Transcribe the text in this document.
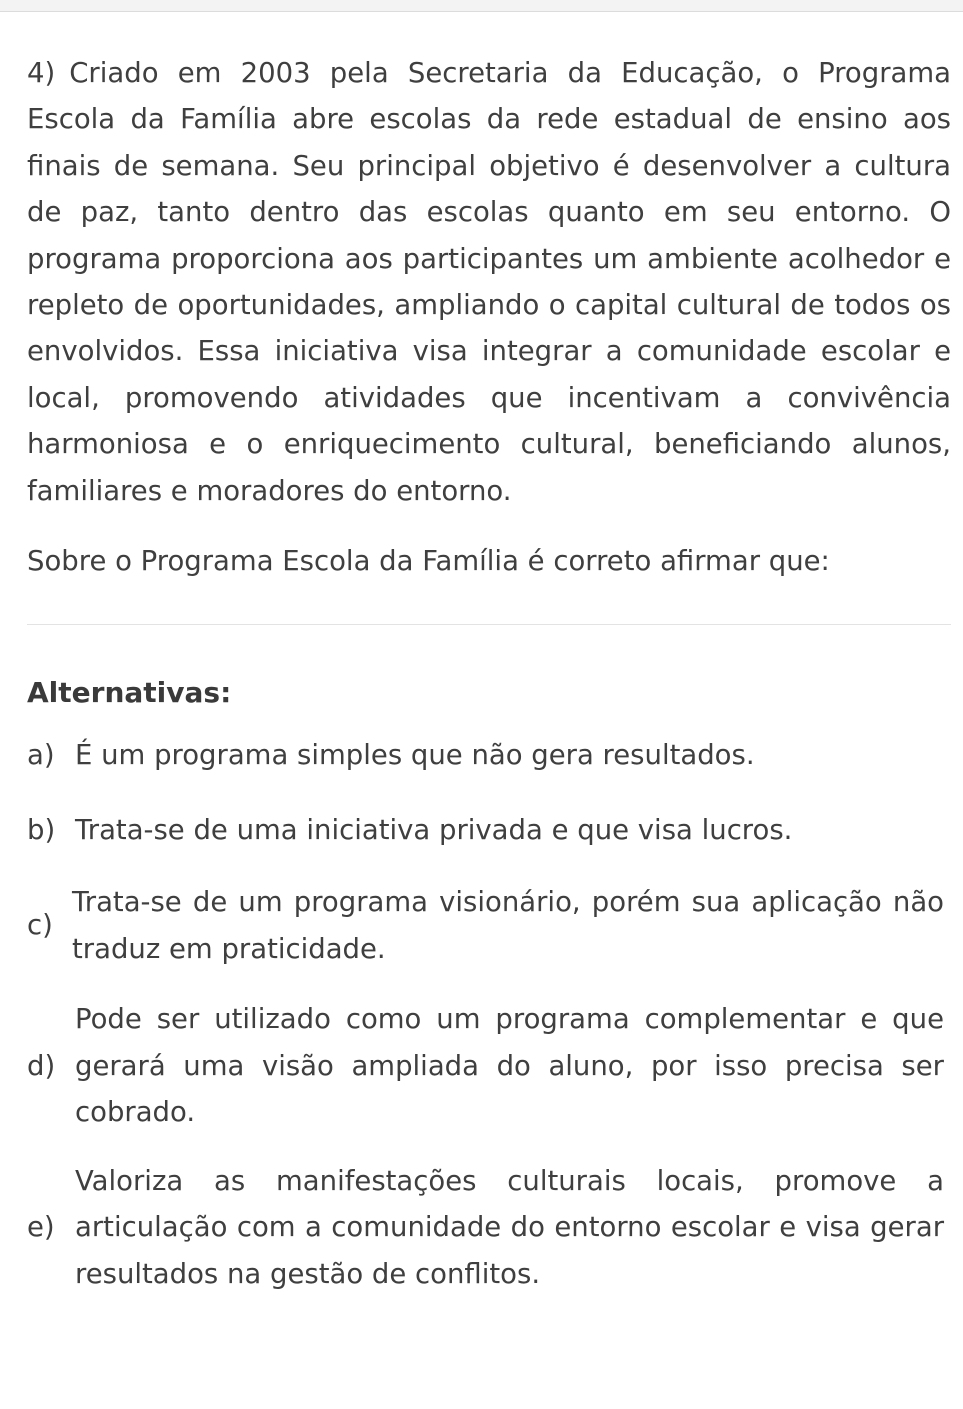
4) Criado em 2003 pela Secretaria da Educação, o Programa Escola da Família abre escolas da rede estadual de ensino aos finais de semana. Seu principal objetivo é desenvolver a cultura de paz, tanto dentro das escolas quanto em seu entorno. O programa proporciona aos participantes um ambiente acolhedor e repleto de oportunidades, ampliando o capital cultural de todos os envolvidos. Essa iniciativa visa integrar a comunidade escolar e local, promovendo atividades que incentivam a convivência harmoniosa e o enriquecimento cultural, beneficiando alunos, familiares e moradores do entorno.

Sobre o Programa Escola da Família é correto afirmar que:

Alternativas:
a) É um programa simples que não gera resultados.
b) Trata-se de uma iniciativa privada e que visa lucros.
c)
Trata-se de um programa visionário, porém sua aplicação não traduz em praticidade.
d)
Pode ser utilizado como um programa complementar e que gerará uma visão ampliada do aluno, por isso precisa ser cobrado.
e)
Valoriza as manifestações culturais locais, promove a articulação com a comunidade do entorno escolar e visa gerar resultados na gestão de conflitos.
